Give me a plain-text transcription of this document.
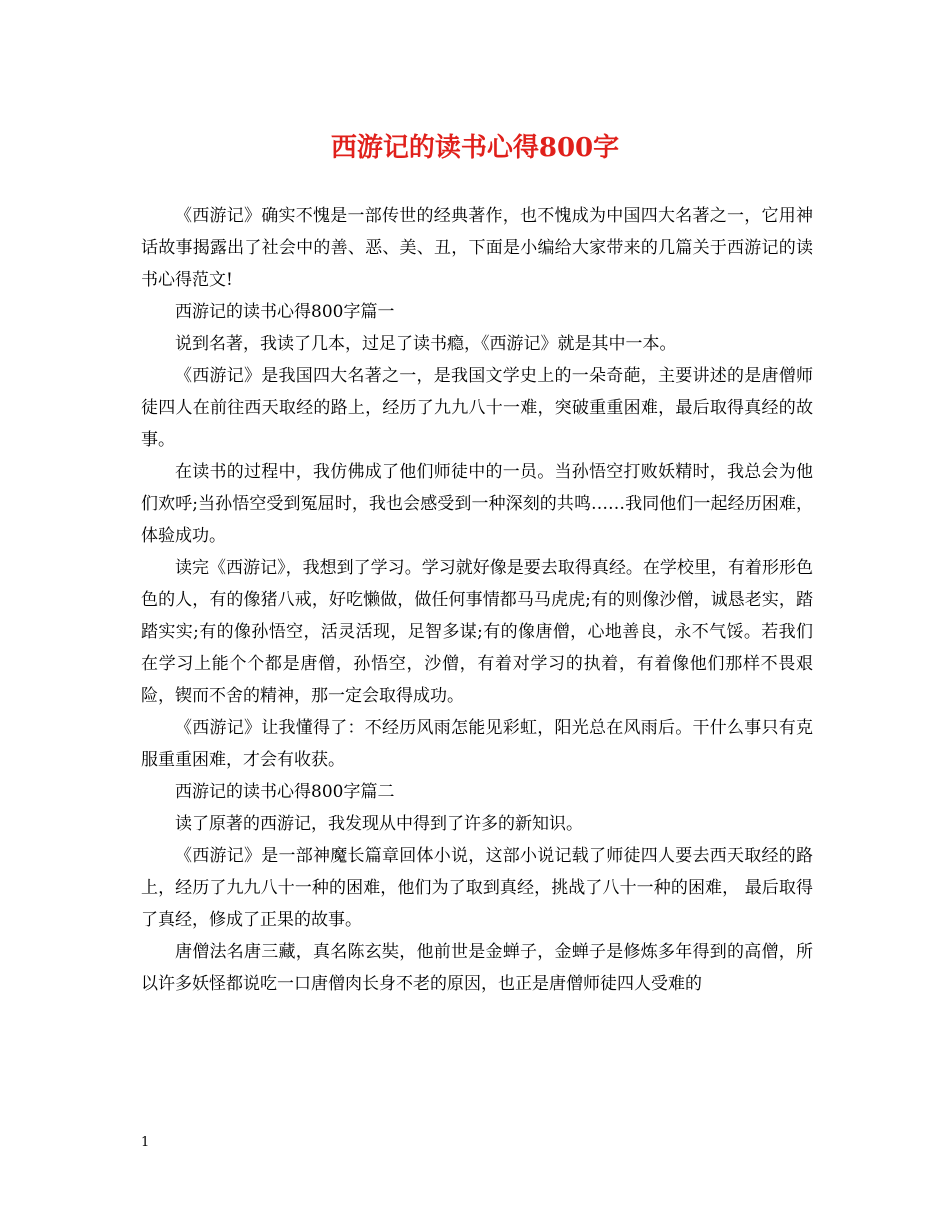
西游记的读书心得800字

《西游记》确实不愧是一部传世的经典著作，也不愧成为中国四大名著之一，它用神话故事揭露出了社会中的善、恶、美、丑，下面是小编给大家带来的几篇关于西游记的读书心得范文!

西游记的读书心得800字篇一

说到名著，我读了几本，过足了读书瘾，《西游记》就是其中一本。

《西游记》是我国四大名著之一，是我国文学史上的一朵奇葩，主要讲述的是唐僧师徒四人在前往西天取经的路上，经历了九九八十一难，突破重重困难，最后取得真经的故事。

在读书的过程中，我仿佛成了他们师徒中的一员。当孙悟空打败妖精时，我总会为他们欢呼;当孙悟空受到冤屈时，我也会感受到一种深刻的共鸣……我同他们一起经历困难，体验成功。

读完《西游记》，我想到了学习。学习就好像是要去取得真经。在学校里，有着形形色色的人，有的像猪八戒，好吃懒做，做任何事情都马马虎虎;有的则像沙僧，诚恳老实，踏踏实实;有的像孙悟空，活灵活现，足智多谋;有的像唐僧，心地善良，永不气馁。若我们在学习上能个个都是唐僧，孙悟空，沙僧，有着对学习的执着，有着像他们那样不畏艰险，锲而不舍的精神，那一定会取得成功。

《西游记》让我懂得了：不经历风雨怎能见彩虹，阳光总在风雨后。干什么事只有克服重重困难，才会有收获。

西游记的读书心得800字篇二

读了原著的西游记，我发现从中得到了许多的新知识。

《西游记》是一部神魔长篇章回体小说，这部小说记载了师徒四人要去西天取经的路上，经历了九九八十一种的困难，他们为了取到真经，挑战了八十一种的困难， 最后取得了真经，修成了正果的故事。

唐僧法名唐三藏，真名陈玄奘，他前世是金蝉子，金蝉子是修炼多年得到的高僧，所以许多妖怪都说吃一口唐僧肉长身不老的原因，也正是唐僧师徒四人受难的

1
